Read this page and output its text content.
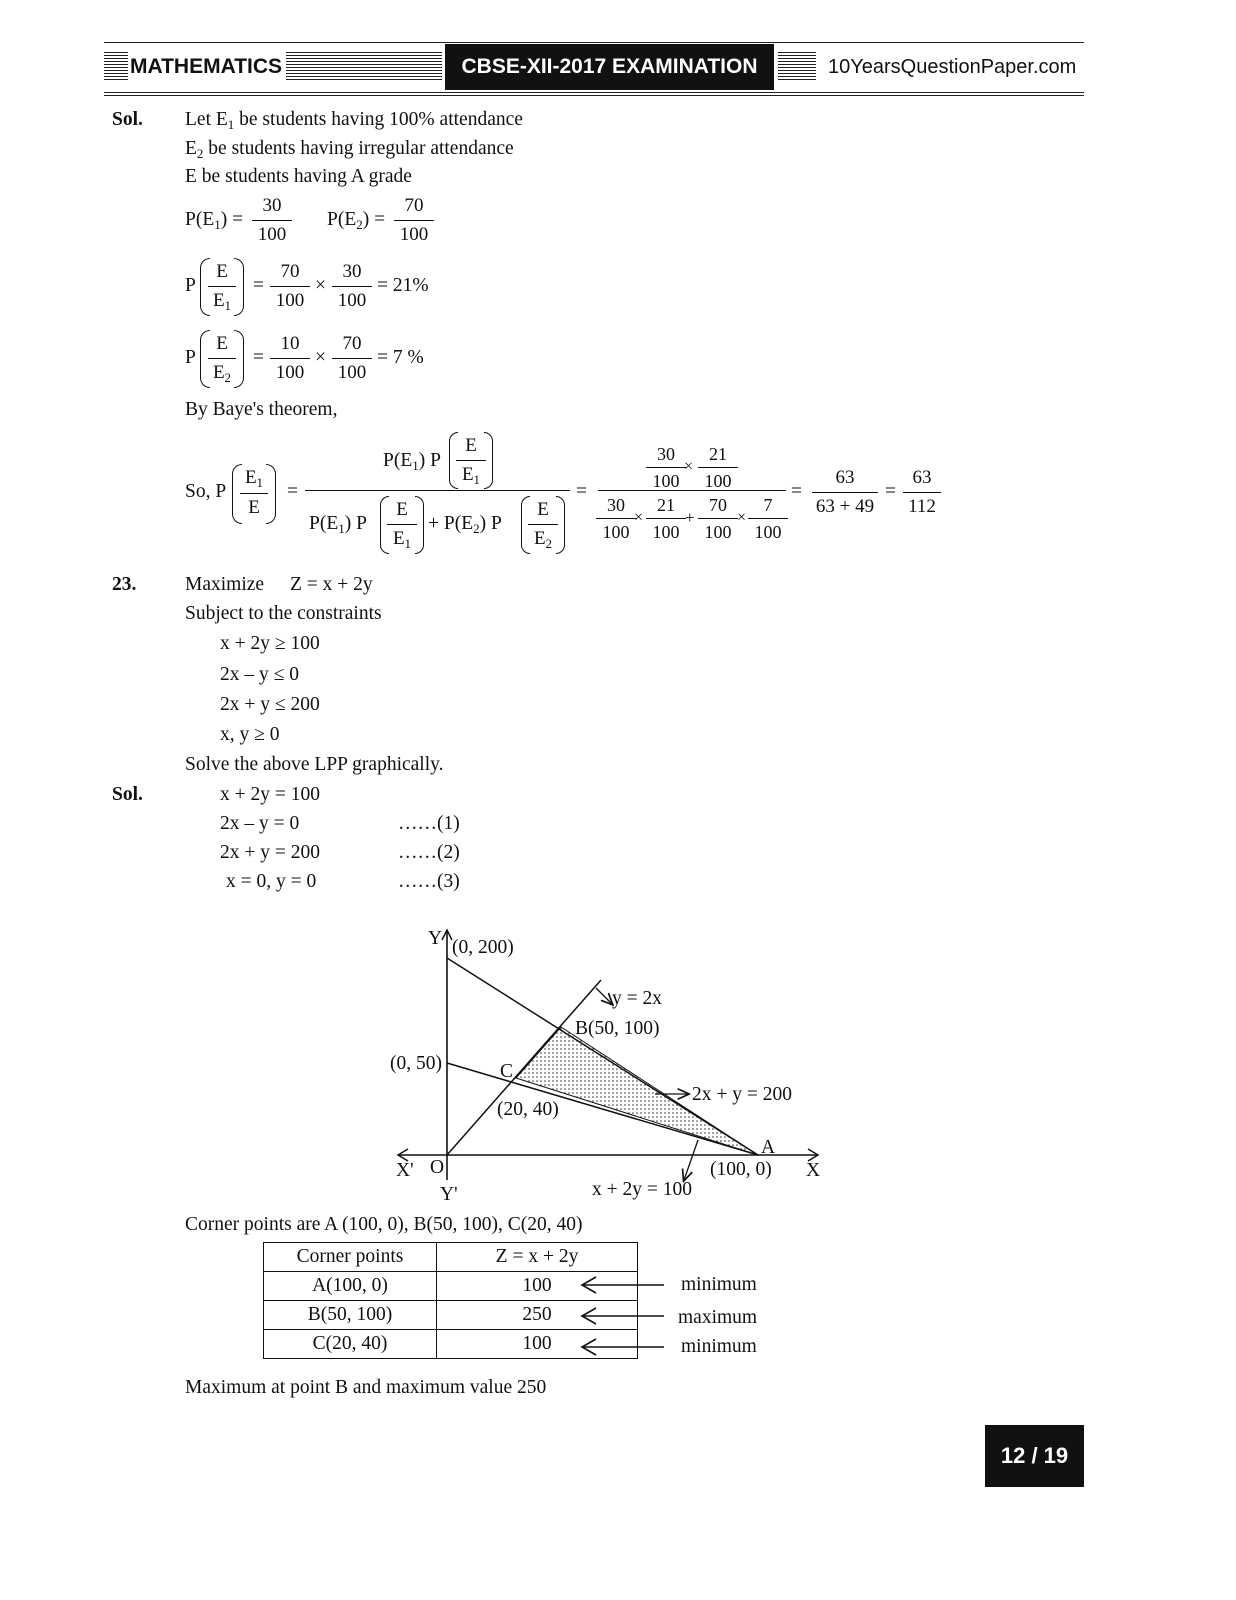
MATHEMATICS	CBSE-XII-2017 EXAMINATION	10YearsQuestionPaper.com
Sol. Let $E_1$ be students having 100% attendance
$E_2$ be students having irregular attendance
E be students having A grade
$P(E_1)$ =
30
100
$P(E_2)$ =
70
100
P
E
$E_1$
=
70
100
×
30
100
= 21%
P
E
$E_2$
=
10
100
×
70
100
= 7 %
By Baye's theorem,
So, P
$E_1$
E
=
$P(E_1)$ P
E
$E_1$
$P(E_1)$ P
E
$E_1$
+ $P(E_2)$ P
E
$E_2$
=
30
100
×
21
100
30
100
×
21
100
+
70
100
×
7
100
=
63
63 + 49
=
63
112
23. Maximize Z = x + 2y
Subject to the constraints
x + 2y ≥ 100
2x – y ≤ 0
2x + y ≤ 200
x, y ≥ 0
Solve the above LPP graphically.
Sol.	x + 2y = 100
2x – y = 0	……(1)
2x + y = 200	……(2)
x = 0, y = 0	……(3)
Y (0, 200)
y = 2x
B(50, 100)
(0, 50)	C
(20, 40)
2x + y = 200
A
(100, 0) X
X' O
Y'	x + 2y = 100
Corner points are A (100, 0), B(50, 100), C(20, 40)
Corner points	Z = x + 2y
A(100, 0)	100
B(50, 100)	250
C(20, 40)	100
minimum
maximum
minimum
Maximum at point B and maximum value 250
12 / 19
